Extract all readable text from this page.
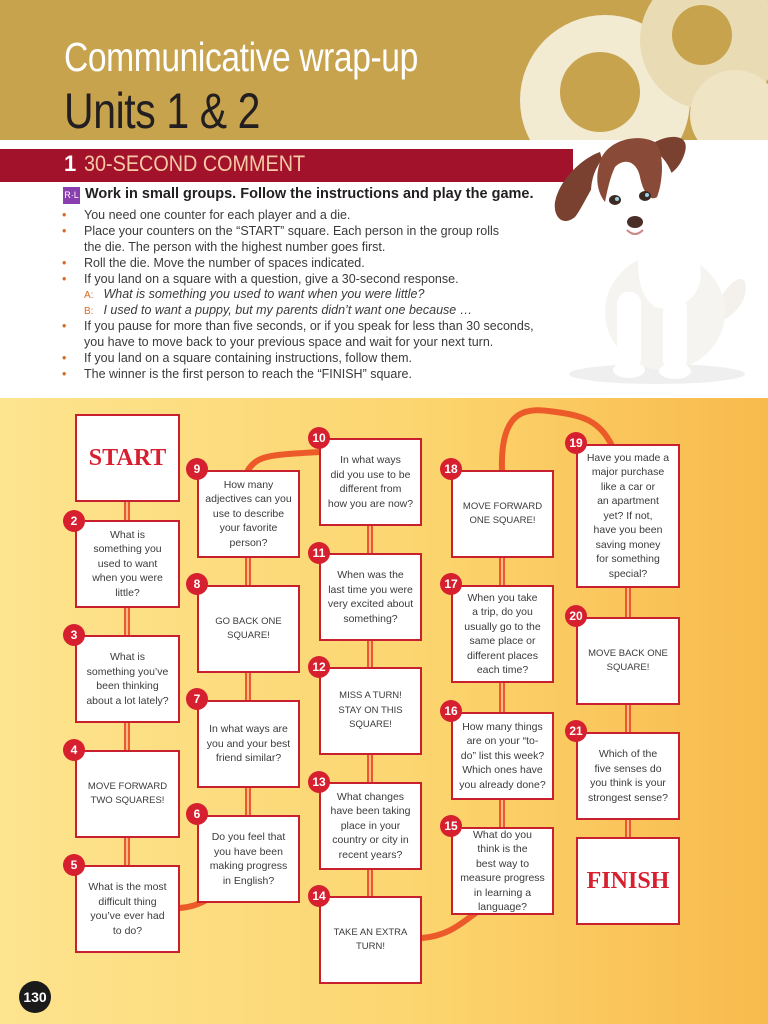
Communicative wrap-up
Units 1 & 2
1 30-SECOND COMMENT
R·L Work in small groups. Follow the instructions and play the game.
• You need one counter for each player and a die.
• Place your counters on the “START” square. Each person in the group rolls
the die. The person with the highest number goes first.
• Roll the die. Move the number of spaces indicated.
• If you land on a square with a question, give a 30-second response.
A: What is something you used to want when you were little?
B: I used to want a puppy, but my parents didn’t want one because …
• If you pause for more than five seconds, or if you speak for less than 30 seconds,
you have to move back to your previous space and wait for your next turn.
• If you land on a square containing instructions, follow them.
• The winner is the first person to reach the “FINISH” square.
START
What is
something you
used to want
when you were
little?
2
What is
something you’ve
been thinking
about a lot lately?
3
MOVE FORWARD
TWO SQUARES!
4
What is the most
difficult thing
you’ve ever had
to do?
5
Do you feel that
you have been
making progress
in English?
6
In what ways are
you and your best
friend similar?
7
GO BACK ONE
SQUARE!
8
How many
adjectives can you
use to describe
your favorite
person?
9
In what ways
did you use to be
different from
how you are now?
10
When was the
last time you were
very excited about
something?
11
MISS A TURN!
STAY ON THIS
SQUARE!
12
What changes
have been taking
place in your
country or city in
recent years?
13
TAKE AN EXTRA
TURN!
14
What do you
think is the
best way to
measure progress
in learning a
language?
15
How many things
are on your “to-
do” list this week?
Which ones have
you already done?
16
When you take
a trip, do you
usually go to the
same place or
different places
each time?
17
MOVE FORWARD
ONE SQUARE!
18
Have you made a
major purchase
like a car or
an apartment
yet? If not,
have you been
saving money
for something
special?
19
MOVE BACK ONE
SQUARE!
20
Which of the
five senses do
you think is your
strongest sense?
21
FINISH
130
